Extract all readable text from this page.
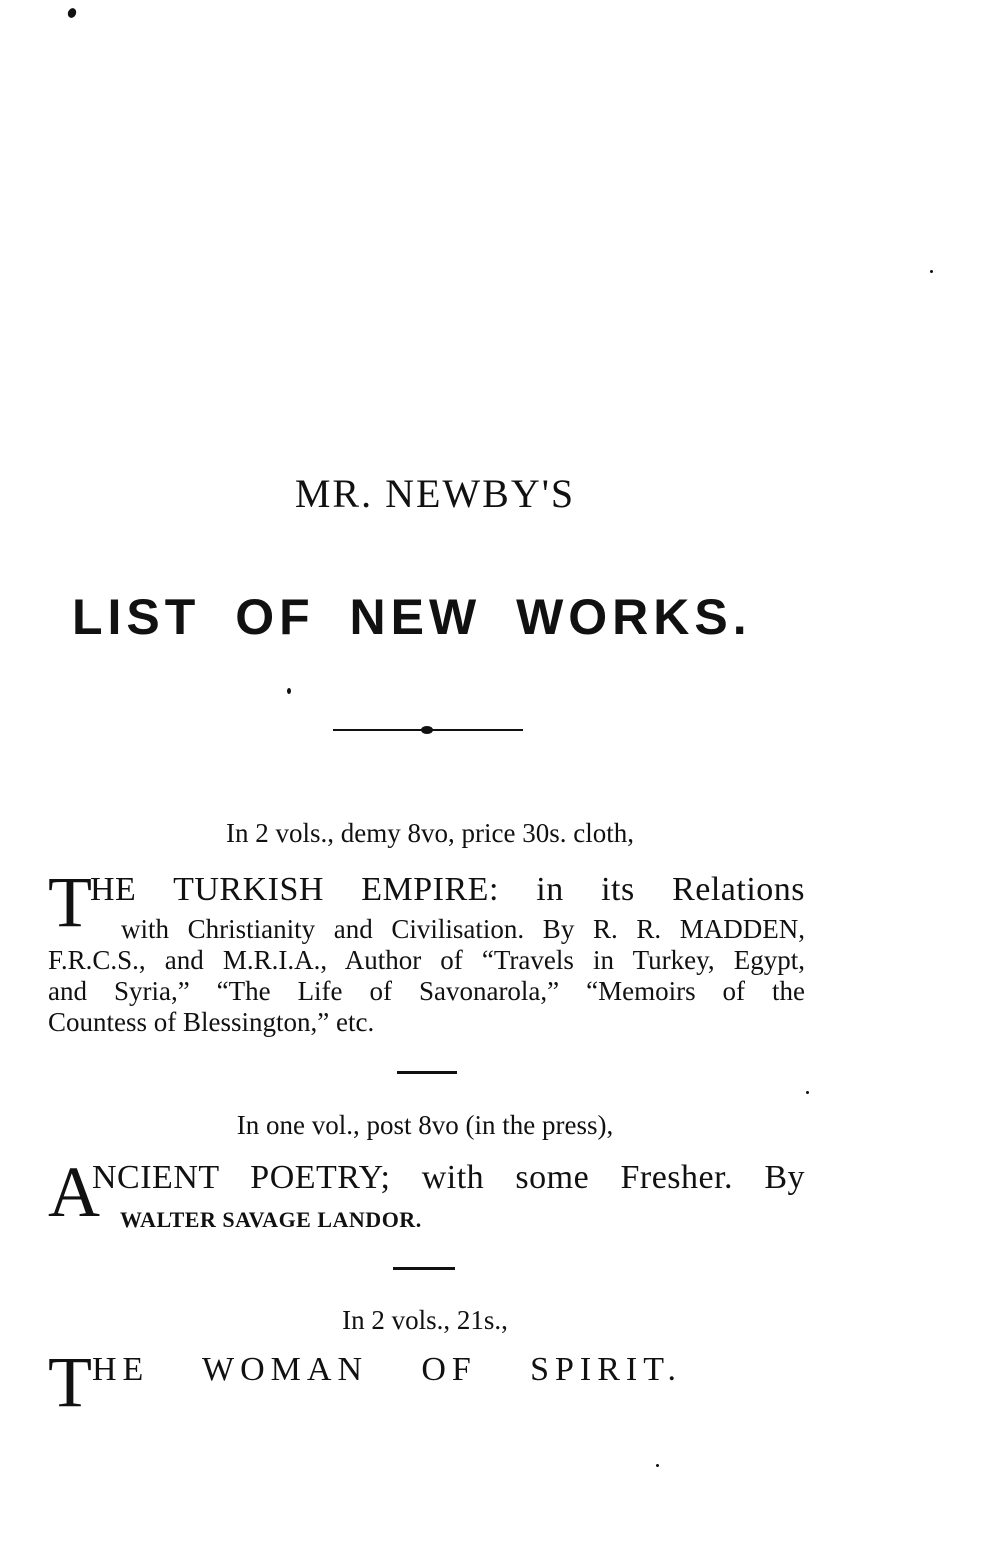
MR. NEWBY'S
LIST OF NEW WORKS.
In 2 vols., demy 8vo, price 30s. cloth,
T
HE TURKISH EMPIRE: in its Relations
with Christianity and Civilisation. By R. R. MADDEN,
F.R.C.S., and M.R.I.A., Author of “Travels in Turkey, Egypt,
and Syria,” “The Life of Savonarola,” “Memoirs of the
Countess of Blessington,” etc.
In one vol., post 8vo (in the press),
A
NCIENT POETRY; with some Fresher. By
WALTER SAVAGE LANDOR.
In 2 vols., 21s.,
T HE WOMAN OF SPIRIT.
